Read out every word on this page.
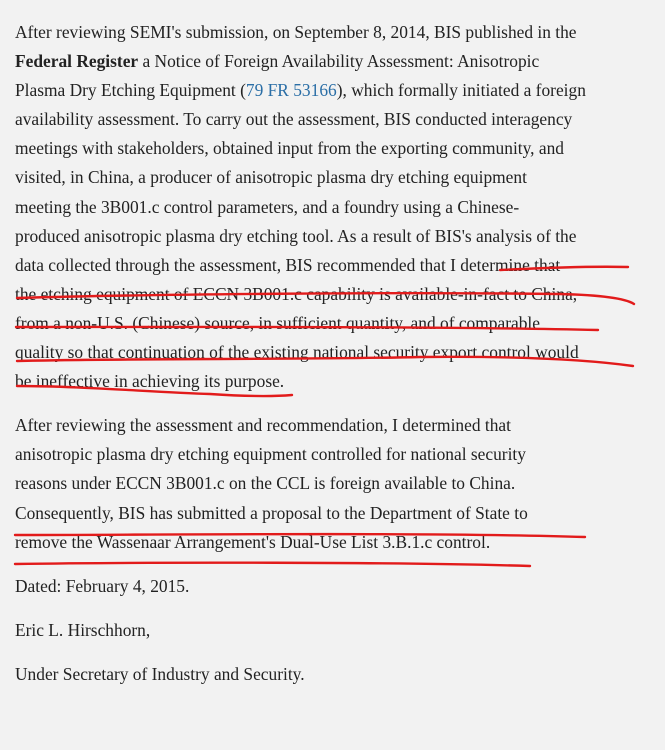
After reviewing SEMI's submission, on September 8, 2014, BIS published in the
Federal Register a Notice of Foreign Availability Assessment: Anisotropic
Plasma Dry Etching Equipment (79 FR 53166), which formally initiated a foreign
availability assessment. To carry out the assessment, BIS conducted interagency
meetings with stakeholders, obtained input from the exporting community, and
visited, in China, a producer of anisotropic plasma dry etching equipment
meeting the 3B001.c control parameters, and a foundry using a Chinese-
produced anisotropic plasma dry etching tool. As a result of BIS's analysis of the
data collected through the assessment, BIS recommended that I determine that
the etching equipment of ECCN 3B001.c capability is available-in-fact to China,
from a non-U.S. (Chinese) source, in sufficient quantity, and of comparable
quality so that continuation of the existing national security export control would
be ineffective in achieving its purpose.

After reviewing the assessment and recommendation, I determined that
anisotropic plasma dry etching equipment controlled for national security
reasons under ECCN 3B001.c on the CCL is foreign available to China.
Consequently, BIS has submitted a proposal to the Department of State to
remove the Wassenaar Arrangement's Dual-Use List 3.B.1.c control.

Dated: February 4, 2015.

Eric L. Hirschhorn,

Under Secretary of Industry and Security.
